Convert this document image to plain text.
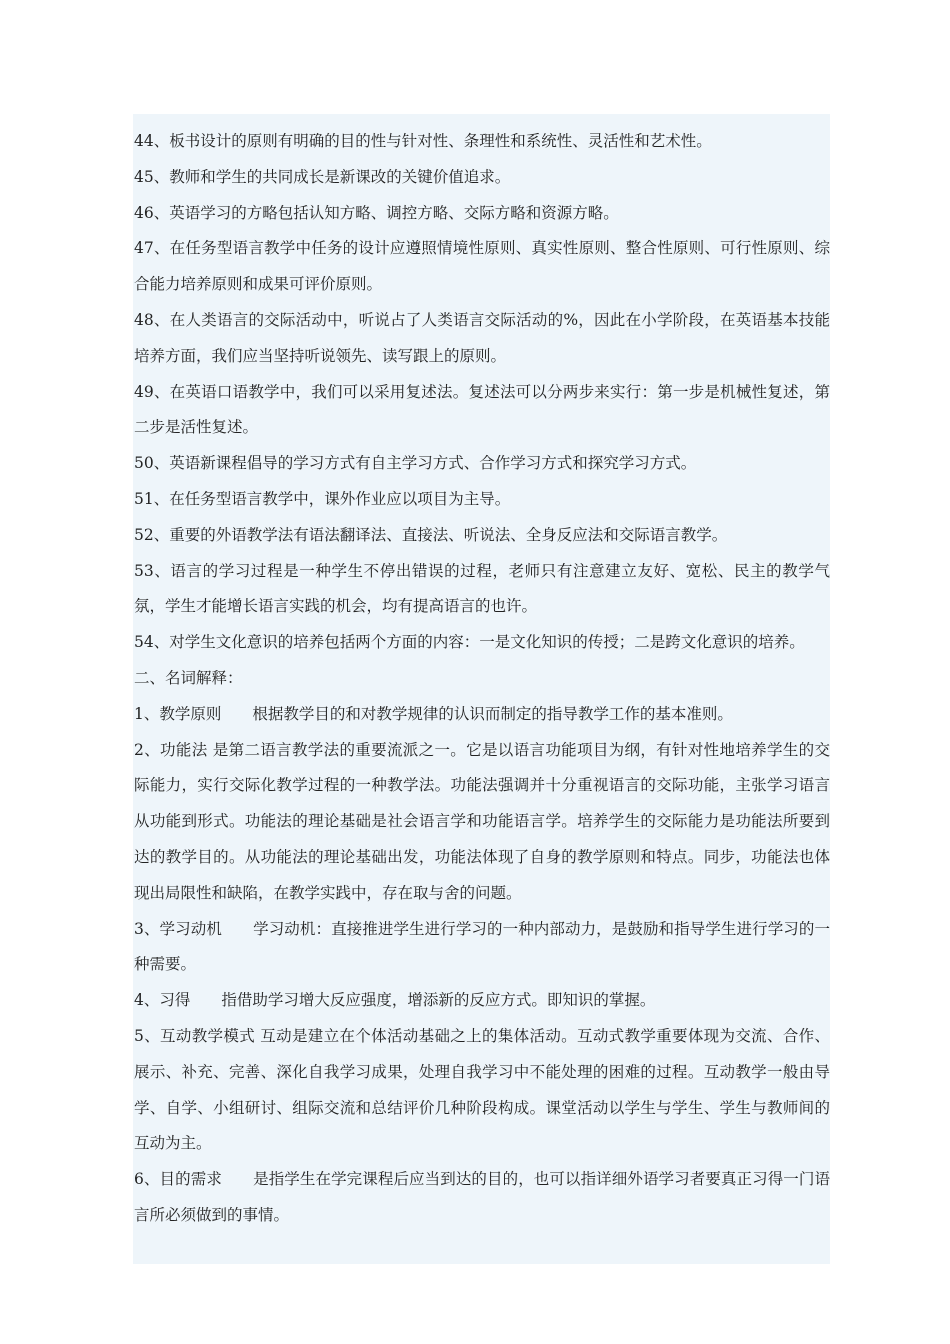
44、板书设计的原则有明确的目的性与针对性、条理性和系统性、灵活性和艺术性。

45、教师和学生的共同成长是新课改的关键价值追求。

46、英语学习的方略包括认知方略、调控方略、交际方略和资源方略。

47、在任务型语言教学中任务的设计应遵照情境性原则、真实性原则、整合性原则、可行性原则、综合能力培养原则和成果可评价原则。

48、在人类语言的交际活动中，听说占了人类语言交际活动的%，因此在小学阶段，在英语基本技能培养方面，我们应当坚持听说领先、读写跟上的原则。

49、在英语口语教学中，我们可以采用复述法。复述法可以分两步来实行：第一步是机械性复述，第二步是活性复述。

50、英语新课程倡导的学习方式有自主学习方式、合作学习方式和探究学习方式。

51、在任务型语言教学中，课外作业应以项目为主导。

52、重要的外语教学法有语法翻译法、直接法、听说法、全身反应法和交际语言教学。

53、语言的学习过程是一种学生不停出错误的过程，老师只有注意建立友好、宽松、民主的教学气氛，学生才能增长语言实践的机会，均有提高语言的也许。

54、对学生文化意识的培养包括两个方面的内容：一是文化知识的传授；二是跨文化意识的培养。

二、名词解释：

1、教学原则　　根据教学目的和对教学规律的认识而制定的指导教学工作的基本准则。

2、功能法 是第二语言教学法的重要流派之一。它是以语言功能项目为纲，有针对性地培养学生的交际能力，实行交际化教学过程的一种教学法。功能法强调并十分重视语言的交际功能，主张学习语言从功能到形式。功能法的理论基础是社会语言学和功能语言学。培养学生的交际能力是功能法所要到达的教学目的。从功能法的理论基础出发，功能法体现了自身的教学原则和特点。同步，功能法也体现出局限性和缺陷，在教学实践中，存在取与舍的问题。

3、学习动机　　学习动机：直接推进学生进行学习的一种内部动力，是鼓励和指导学生进行学习的一种需要。

4、习得　　指借助学习增大反应强度，增添新的反应方式。即知识的掌握。

5、互动教学模式 互动是建立在个体活动基础之上的集体活动。互动式教学重要体现为交流、合作、展示、补充、完善、深化自我学习成果，处理自我学习中不能处理的困难的过程。互动教学一般由导学、自学、小组研讨、组际交流和总结评价几种阶段构成。课堂活动以学生与学生、学生与教师间的互动为主。

6、目的需求　　是指学生在学完课程后应当到达的目的，也可以指详细外语学习者要真正习得一门语言所必须做到的事情。
